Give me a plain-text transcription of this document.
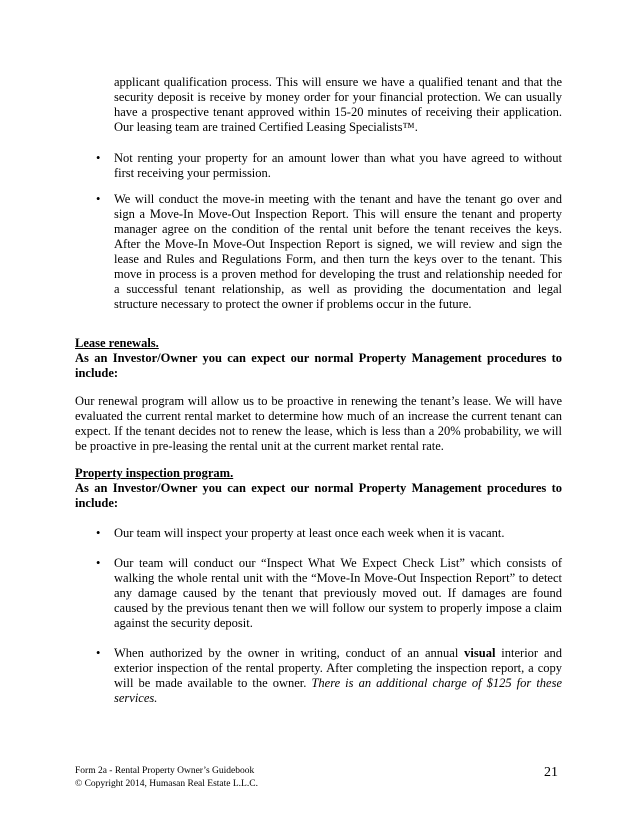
applicant qualification process. This will ensure we have a qualified tenant and that the security deposit is receive by money order for your financial protection. We can usually have a prospective tenant approved within 15-20 minutes of receiving their application. Our leasing team are trained Certified Leasing Specialists™.

•	Not renting your property for an amount lower than what you have agreed to without first receiving your permission.

•	We will conduct the move-in meeting with the tenant and have the tenant go over and sign a Move-In Move-Out Inspection Report. This will ensure the tenant and property manager agree on the condition of the rental unit before the tenant receives the keys. After the Move-In Move-Out Inspection Report is signed, we will review and sign the lease and Rules and Regulations Form, and then turn the keys over to the tenant. This move in process is a proven method for developing the trust and relationship needed for a successful tenant relationship, as well as providing the documentation and legal structure necessary to protect the owner if problems occur in the future.

Lease renewals.

As an Investor/Owner you can expect our normal Property Management procedures to include:

Our renewal program will allow us to be proactive in renewing the tenant’s lease. We will have evaluated the current rental market to determine how much of an increase the current tenant can expect. If the tenant decides not to renew the lease, which is less than a 20% probability, we will be proactive in pre-leasing the rental unit at the current market rental rate.

Property inspection program.

As an Investor/Owner you can expect our normal Property Management procedures to include:

•	Our team will inspect your property at least once each week when it is vacant.

•	Our team will conduct our “Inspect What We Expect Check List” which consists of walking the whole rental unit with the “Move-In Move-Out Inspection Report” to detect any damage caused by the tenant that previously moved out. If damages are found caused by the previous tenant then we will follow our system to properly impose a claim against the security deposit.

•	When authorized by the owner in writing, conduct of an annual visual interior and exterior inspection of the rental property. After completing the inspection report, a copy will be made available to the owner. There is an additional charge of $125 for these services.

Form 2a - Rental Property Owner’s Guidebook
© Copyright 2014, Humasan Real Estate L.L.C.
21
